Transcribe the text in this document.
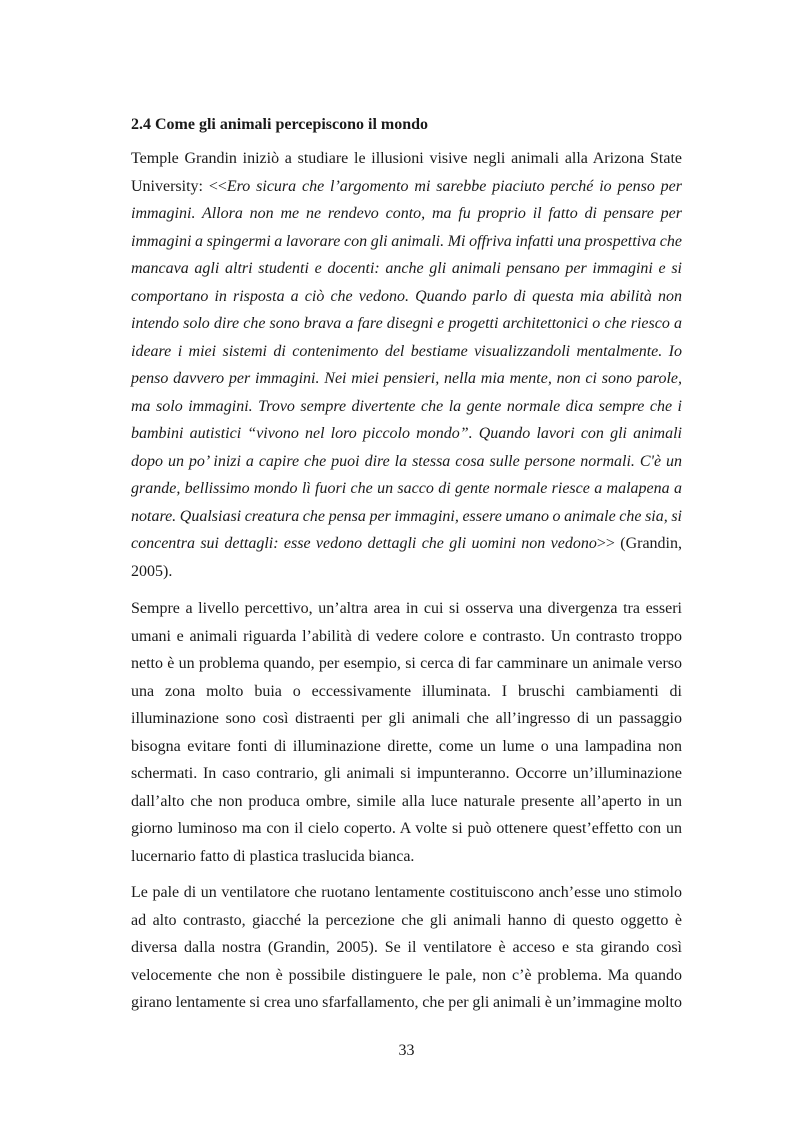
2.4 Come gli animali percepiscono il mondo
Temple Grandin iniziò a studiare le illusioni visive negli animali alla Arizona State
University: <<Ero sicura che l’argomento mi sarebbe piaciuto perché io penso per
immagini. Allora non me ne rendevo conto, ma fu proprio il fatto di pensare per
immagini a spingermi a lavorare con gli animali. Mi offriva infatti una prospettiva che
mancava agli altri studenti e docenti: anche gli animali pensano per immagini e si
comportano in risposta a ciò che vedono. Quando parlo di questa mia abilità non
intendo solo dire che sono brava a fare disegni e progetti architettonici o che riesco a
ideare i miei sistemi di contenimento del bestiame visualizzandoli mentalmente. Io
penso davvero per immagini. Nei miei pensieri, nella mia mente, non ci sono parole,
ma solo immagini. Trovo sempre divertente che la gente normale dica sempre che i
bambini autistici “vivono nel loro piccolo mondo”. Quando lavori con gli animali
dopo un po’ inizi a capire che puoi dire la stessa cosa sulle persone normali. C'è un
grande, bellissimo mondo lì fuori che un sacco di gente normale riesce a malapena a
notare. Qualsiasi creatura che pensa per immagini, essere umano o animale che sia, si
concentra sui dettagli: esse vedono dettagli che gli uomini non vedono>> (Grandin,
2005).
Sempre a livello percettivo, un’altra area in cui si osserva una divergenza tra esseri
umani e animali riguarda l’abilità di vedere colore e contrasto. Un contrasto troppo
netto è un problema quando, per esempio, si cerca di far camminare un animale verso
una zona molto buia o eccessivamente illuminata. I bruschi cambiamenti di
illuminazione sono così distraenti per gli animali che all’ingresso di un passaggio
bisogna evitare fonti di illuminazione dirette, come un lume o una lampadina non
schermati. In caso contrario, gli animali si impunteranno. Occorre un’illuminazione
dall’alto che non produca ombre, simile alla luce naturale presente all’aperto in un
giorno luminoso ma con il cielo coperto. A volte si può ottenere quest’effetto con un
lucernario fatto di plastica traslucida bianca.
Le pale di un ventilatore che ruotano lentamente costituiscono anch’esse uno stimolo
ad alto contrasto, giacché la percezione che gli animali hanno di questo oggetto è
diversa dalla nostra (Grandin, 2005). Se il ventilatore è acceso e sta girando così
velocemente che non è possibile distinguere le pale, non c’è problema. Ma quando
girano lentamente si crea uno sfarfallamento, che per gli animali è un’immagine molto
33
